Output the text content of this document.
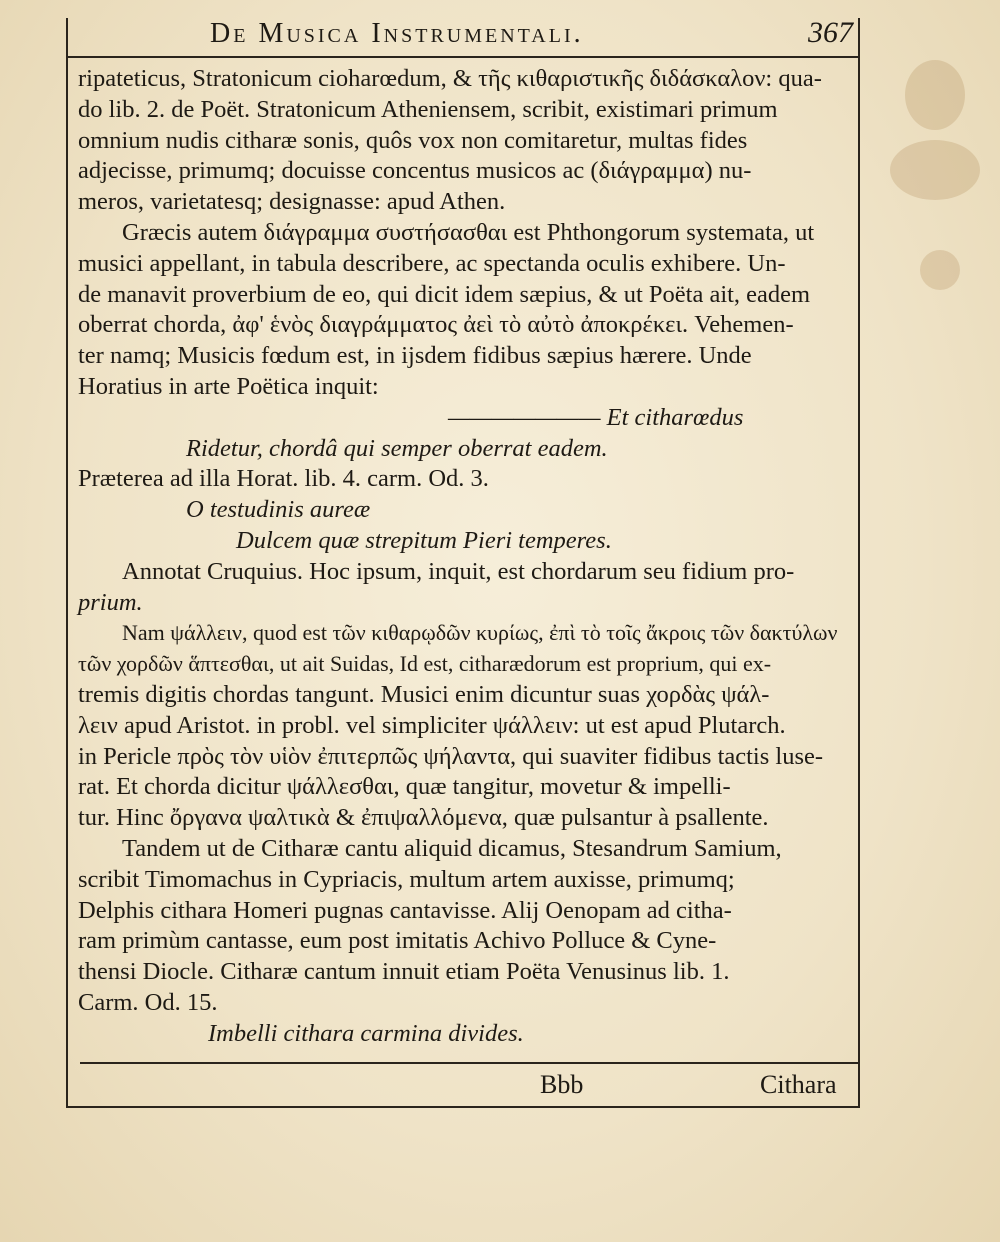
De Musica Instrumentali.	367
ripateticus, Stratonicum cioharœdum, & τῆς κιθαριστικῆς διδάσκαλον: qua-
do lib. 2. de Poët. Stratonicum Atheniensem, scribit, existimari primum
omnium nudis citharæ sonis, quôs vox non comitaretur, multas fides
adjecisse, primumq; docuisse concentus musicos ac (διάγραμμα) nu-
meros, varietatesq; designasse: apud Athen.
Græcis autem διάγραμμα συστήσασθαι est Phthongorum systemata, ut
musici appellant, in tabula describere, ac spectanda oculis exhibere. Un-
de manavit proverbium de eo, qui dicit idem sæpius, & ut Poëta ait, eadem
oberrat chorda, ἀφ' ἑνὸς διαγράμματος ἀεὶ τὸ αὐτὸ ἀποκρέκει. Vehemen-
ter namq; Musicis fœdum est, in ijsdem fidibus sæpius hærere. Unde
Horatius in arte Poëtica inquit:
——————— Et citharœdus
Ridetur, chordâ qui semper oberrat eadem.
Præterea ad illa Horat. lib. 4. carm. Od. 3.
O testudinis aureæ
Dulcem quæ strepitum Pieri temperes.
Annotat Cruquius. Hoc ipsum, inquit, est chordarum seu fidium pro-
prium.
Nam ψάλλειν, quod est τῶν κιθαρῳδῶν κυρίως, ἐπὶ τὸ τοῖς ἄκροις τῶν δακτύλων
τῶν χορδῶν ἅπτεσθαι, ut ait Suidas, Id est, citharædorum est proprium, qui ex-
tremis digitis chordas tangunt. Musici enim dicuntur suas χορδὰς ψάλ-
λειν apud Aristot. in probl. vel simpliciter ψάλλειν: ut est apud Plutarch.
in Pericle πρὸς τὸν υἱὸν ἐπιτερπῶς ψήλαντα, qui suaviter fidibus tactis luse-
rat. Et chorda dicitur ψάλλεσθαι, quæ tangitur, movetur & impelli-
tur. Hinc ὄργανα ψαλτικὰ & ἐπιψαλλόμενα, quæ pulsantur à psallente.
Tandem ut de Citharæ cantu aliquid dicamus, Stesandrum Samium,
scribit Timomachus in Cypriacis, multum artem auxisse, primumq;
Delphis cithara Homeri pugnas cantavisse. Alij Oenopam ad cithа-
ram primùm cantasse, eum post imitatis Achivo Polluce & Cyne-
thensi Diocle. Citharæ cantum innuit etiam Poëta Venusinus lib. 1.
Carm. Od. 15.
Imbelli cithara carmina divides.
Bbb	Cithara
